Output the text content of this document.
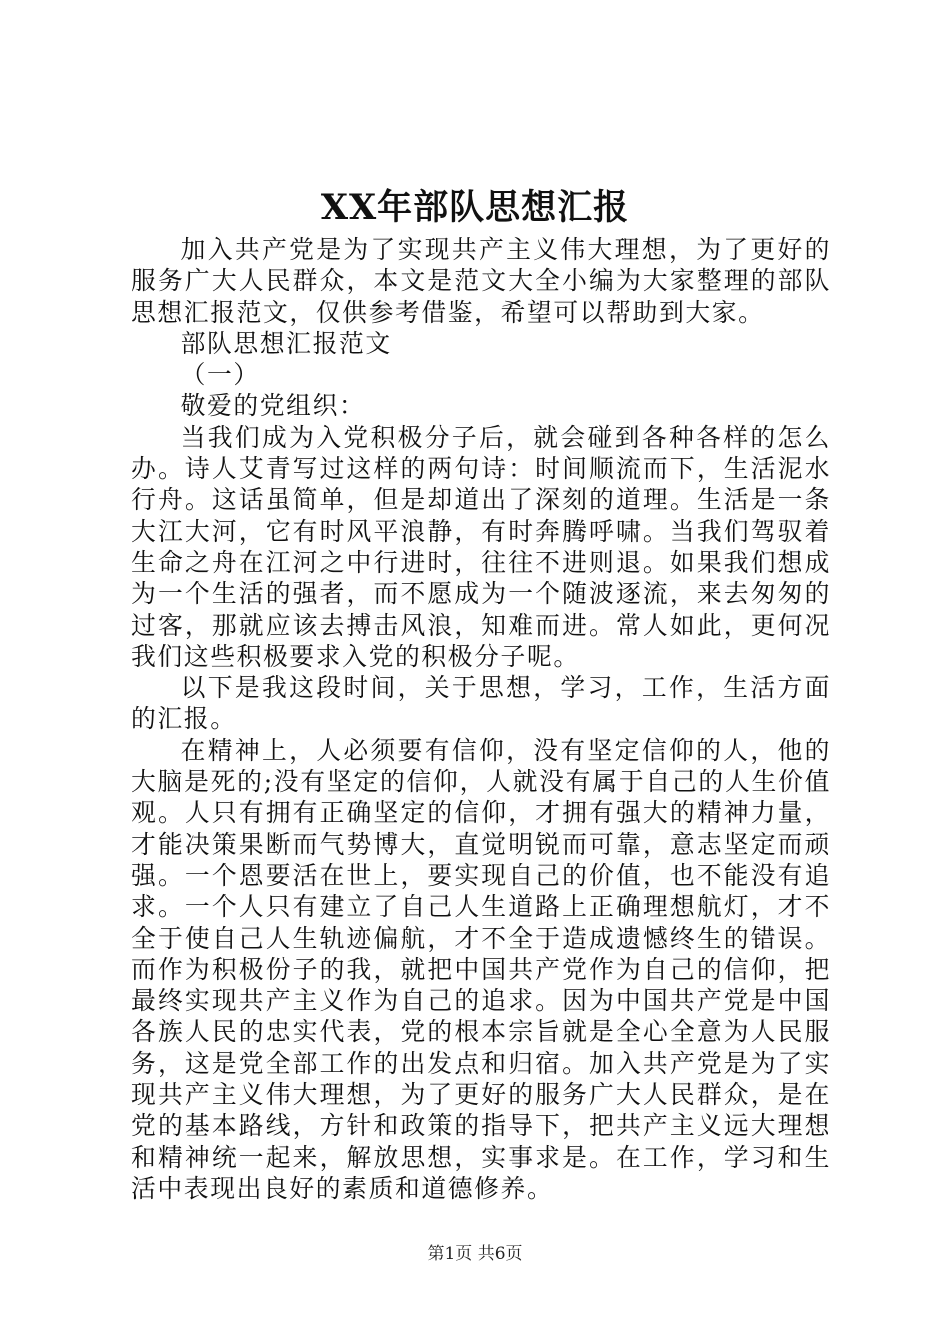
XX年部队思想汇报

加入共产党是为了实现共产主义伟大理想，为了更好的服务广大人民群众，本文是范文大全小编为大家整理的部队思想汇报范文，仅供参考借鉴，希望可以帮助到大家。

部队思想汇报范文

（一）

敬爱的党组织：

当我们成为入党积极分子后，就会碰到各种各样的怎么办。诗人艾青写过这样的两句诗：时间顺流而下，生活泥水行舟。这话虽简单，但是却道出了深刻的道理。生活是一条大江大河，它有时风平浪静，有时奔腾呼啸。当我们驾驭着生命之舟在江河之中行进时，往往不进则退。如果我们想成为一个生活的强者，而不愿成为一个随波逐流，来去匆匆的过客，那就应该去搏击风浪，知难而进。常人如此，更何况我们这些积极要求入党的积极分子呢。

以下是我这段时间，关于思想，学习，工作，生活方面的汇报。

在精神上，人必须要有信仰，没有坚定信仰的人，他的大脑是死的;没有坚定的信仰，人就没有属于自己的人生价值观。人只有拥有正确坚定的信仰，才拥有强大的精神力量，才能决策果断而气势博大，直觉明锐而可靠，意志坚定而顽强。一个恩要活在世上，要实现自己的价值，也不能没有追求。一个人只有建立了自己人生道路上正确理想航灯，才不全于使自己人生轨迹偏航，才不全于造成遗憾终生的错误。而作为积极份子的我，就把中国共产党作为自己的信仰，把最终实现共产主义作为自己的追求。因为中国共产党是中国各族人民的忠实代表，党的根本宗旨就是全心全意为人民服务，这是党全部工作的出发点和归宿。加入共产党是为了实现共产主义伟大理想，为了更好的服务广大人民群众，是在党的基本路线，方针和政策的指导下，把共产主义远大理想和精神统一起来，解放思想，实事求是。在工作，学习和生活中表现出良好的素质和道德修养。

第1页 共6页
